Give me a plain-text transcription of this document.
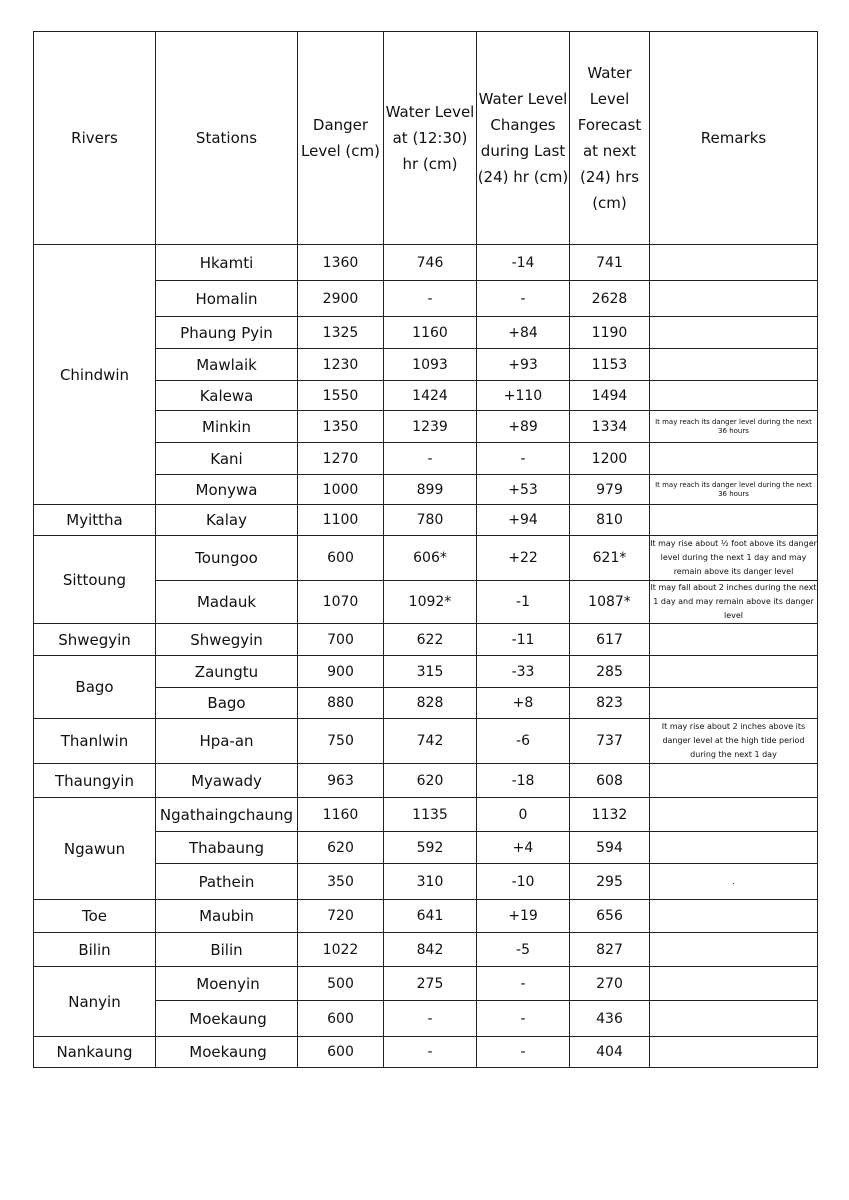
Rivers	Stations	Danger Level (cm)	Water Level at (12:30) hr (cm)	Water Level Changes during Last (24) hr (cm)	Water Level Forecast at next (24) hrs (cm)	Remarks
Chindwin	Hkamti	1360	746	-14	741	
	Homalin	2900	-	-	2628	
	Phaung Pyin	1325	1160	+84	1190	
	Mawlaik	1230	1093	+93	1153	
	Kalewa	1550	1424	+110	1494	
	Minkin	1350	1239	+89	1334	It may reach its danger level during the next 36 hours
	Kani	1270	-	-	1200	
	Monywa	1000	899	+53	979	It may reach its danger level during the next 36 hours
Myittha	Kalay	1100	780	+94	810	
Sittoung	Toungoo	600	606*	+22	621*	It may rise about ½ foot above its danger level during the next 1 day and may remain above its danger level
	Madauk	1070	1092*	-1	1087*	It may fall about 2 inches during the next 1 day and may remain above its danger level
Shwegyin	Shwegyin	700	622	-11	617	
Bago	Zaungtu	900	315	-33	285	
	Bago	880	828	+8	823	
Thanlwin	Hpa-an	750	742	-6	737	It may rise about 2 inches above its danger level at the high tide period during the next 1 day
Thaungyin	Myawady	963	620	-18	608	
Ngawun	Ngathaingchaung	1160	1135	0	1132	
	Thabaung	620	592	+4	594	
	Pathein	350	310	-10	295	.
Toe	Maubin	720	641	+19	656	
Bilin	Bilin	1022	842	-5	827	
Nanyin	Moenyin	500	275	-	270	
	Moekaung	600	-	-	436	
Nankaung	Moekaung	600	-	-	404	
